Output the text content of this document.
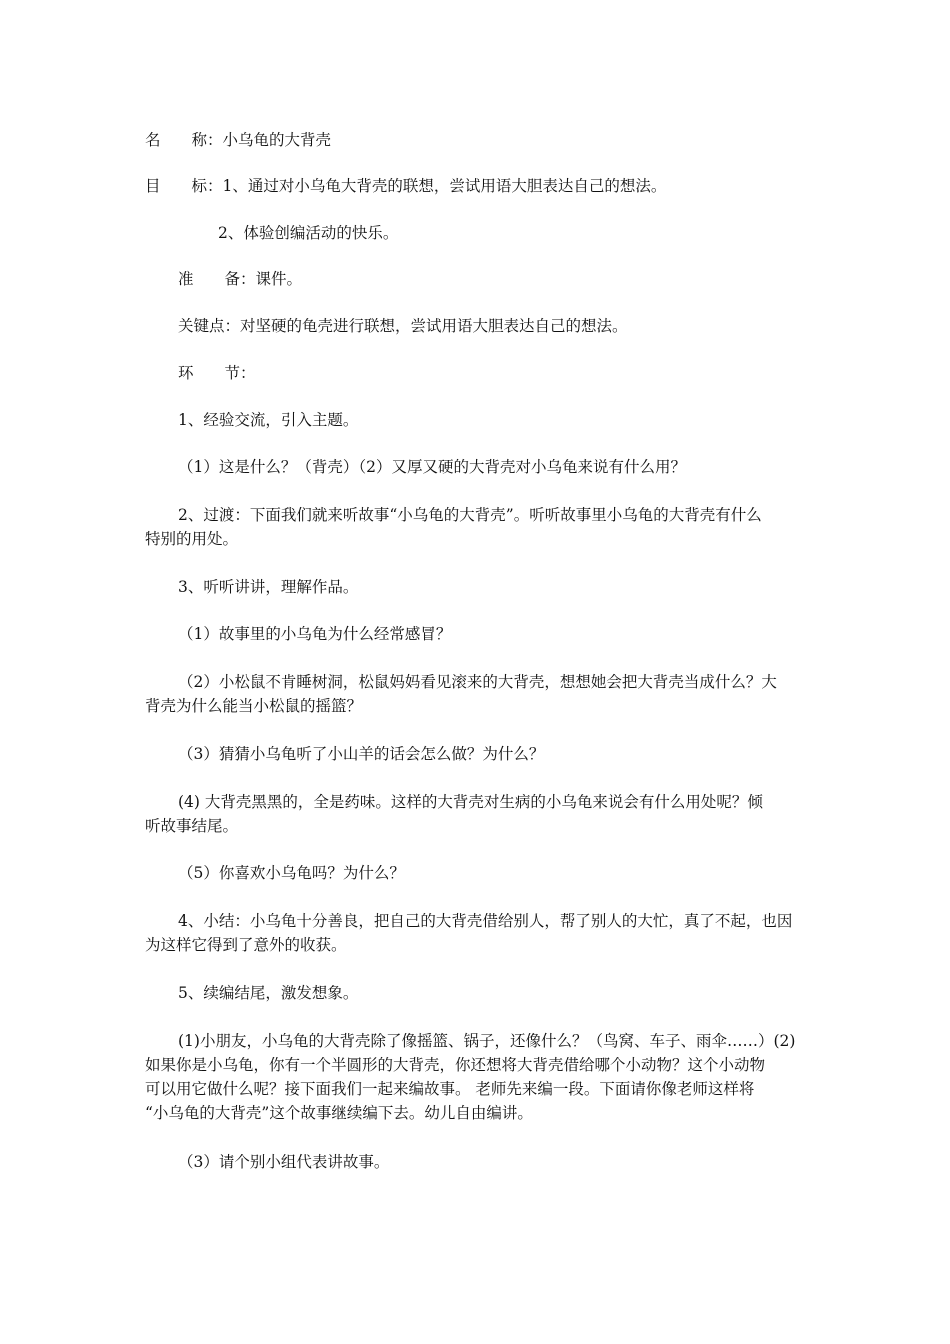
名　　称：小乌龟的大背壳
目　　标：1、通过对小乌龟大背壳的联想，尝试用语大胆表达自己的想法。
2、体验创编活动的快乐。
准　　备：课件。
关键点：对坚硬的龟壳进行联想，尝试用语大胆表达自己的想法。
环　　节：
1、经验交流，引入主题。
（1）这是什么？（背壳）（2）又厚又硬的大背壳对小乌龟来说有什么用？
2、过渡：下面我们就来听故事“小乌龟的大背壳”。听听故事里小乌龟的大背壳有什么
特别的用处。
3、听听讲讲，理解作品。
（1）故事里的小乌龟为什么经常感冒？
（2）小松鼠不肯睡树洞，松鼠妈妈看见滚来的大背壳，想想她会把大背壳当成什么？大
背壳为什么能当小松鼠的摇篮？
（3）猜猜小乌龟听了小山羊的话会怎么做？为什么？
(4) 大背壳黑黑的，全是药味。这样的大背壳对生病的小乌龟来说会有什么用处呢？倾
听故事结尾。
（5）你喜欢小乌龟吗？为什么？
4、小结：小乌龟十分善良，把自己的大背壳借给别人，帮了别人的大忙，真了不起，也因
为这样它得到了意外的收获。
5、续编结尾，激发想象。
(1)小朋友，小乌龟的大背壳除了像摇篮、锅子，还像什么？（鸟窝、车子、雨伞……）(2)
如果你是小乌龟，你有一个半圆形的大背壳，你还想将大背壳借给哪个小动物？这个小动物
可以用它做什么呢？接下面我们一起来编故事。 老师先来编一段。下面请你像老师这样将
“小乌龟的大背壳”这个故事继续编下去。幼儿自由编讲。
（3）请个别小组代表讲故事。
